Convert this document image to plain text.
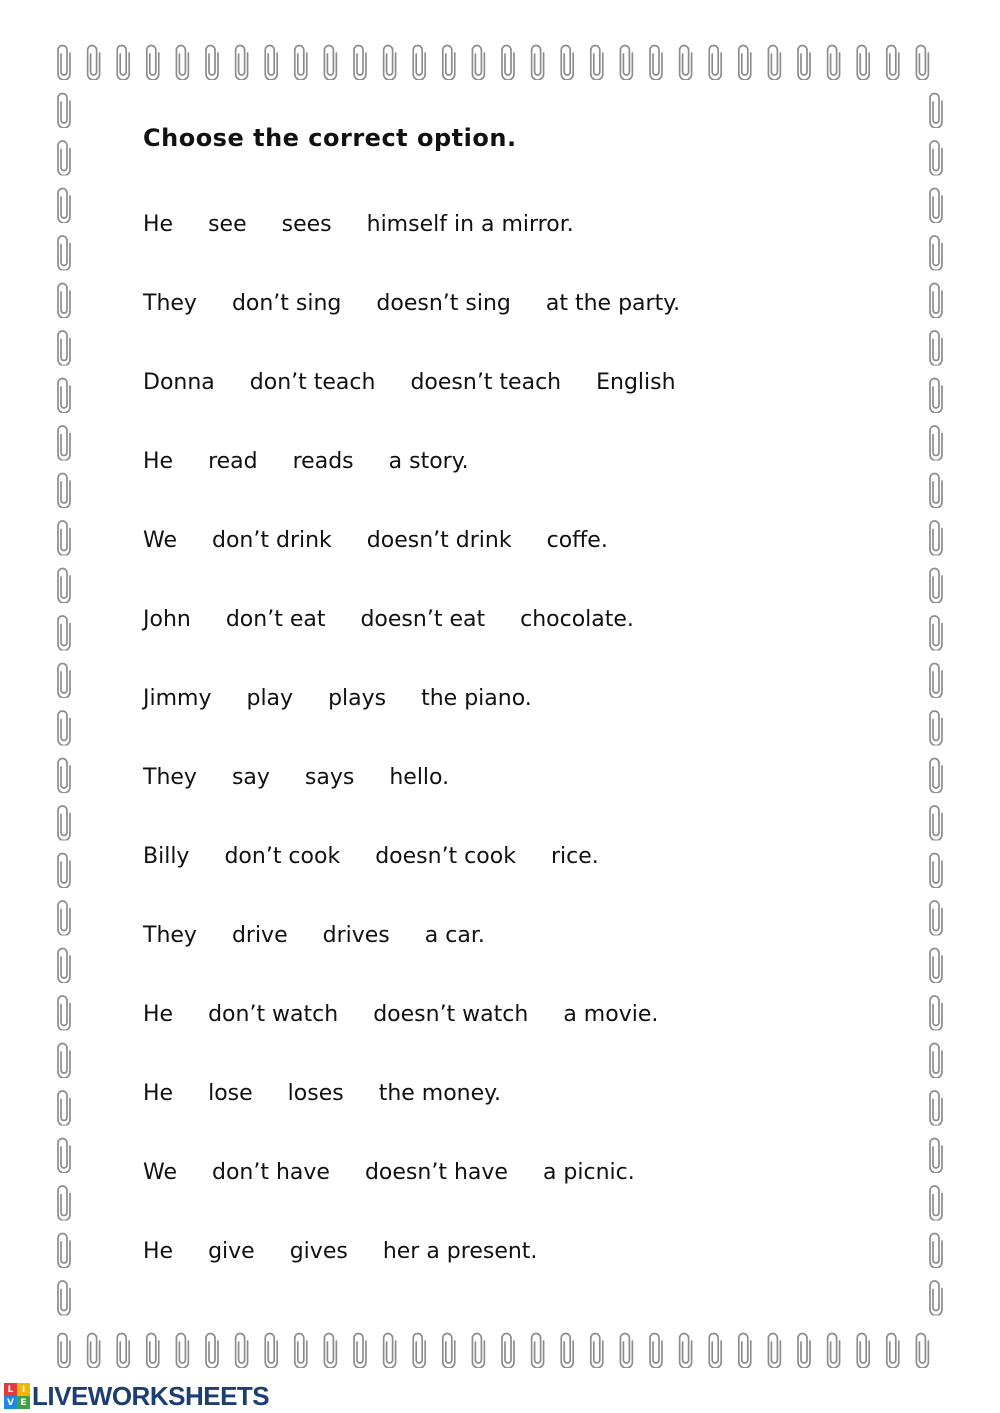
Choose the correct option.
He see sees himself in a mirror.
They don’t sing doesn’t sing at the party.
Donna don’t teach doesn’t teach English
He read reads a story.
We don’t drink doesn’t drink coffe.
John don’t eat doesn’t eat chocolate.
Jimmy play plays the piano.
They say says hello.
Billy don’t cook doesn’t cook rice.
They drive drives a car.
He don’t watch doesn’t watch a movie.
He lose loses the money.
We don’t have doesn’t have a picnic.
He give gives her a present.
L I
V E LIVEWORKSHEETS
